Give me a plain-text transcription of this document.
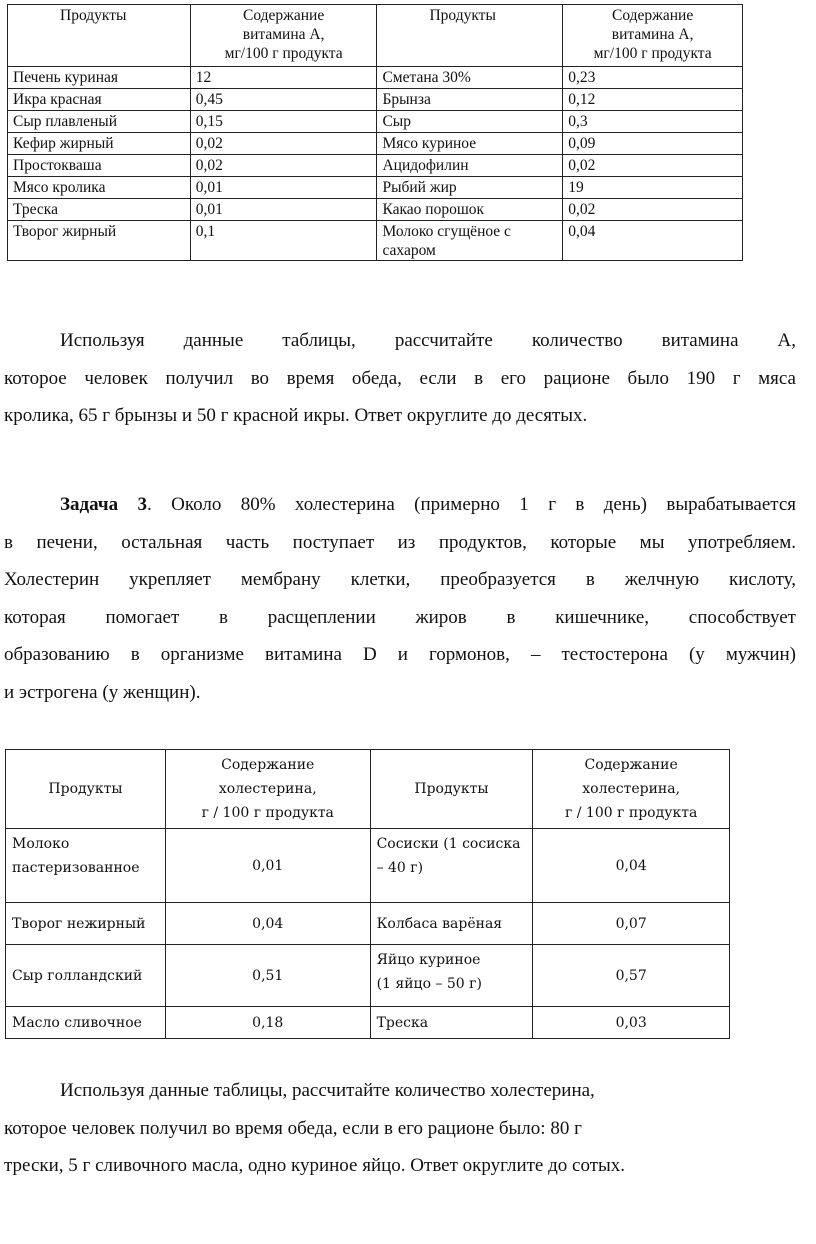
Продукты	Содержание
витамина А,
мг/100 г продукта	Продукты	Содержание
витамина А,
мг/100 г продукта
Печень куриная	12	Сметана 30%	0,23
Икра красная	0,45	Брынза	0,12
Сыр плавленый	0,15	Сыр	0,3
Кефир жирный	0,02	Мясо куриное	0,09
Простокваша	0,02	Ацидофилин	0,02
Мясо кролика	0,01	Рыбий жир	19
Треска	0,01	Какао порошок	0,02
Творог жирный	0,1	Молоко сгущёное с сахаром	0,04
Используя данные таблицы, рассчитайте количество витамина А,
которое человек получил во время обеда, если в его рационе было 190 г мяса
кролика, 65 г брынзы и 50 г красной икры. Ответ округлите до десятых.
Задача 3. Около 80% холестерина (примерно 1 г в день) вырабатывается
в печени, остальная часть поступает из продуктов, которые мы употребляем.
Холестерин укрепляет мембрану клетки, преобразуется в желчную кислоту,
которая помогает в расщеплении жиров в кишечнике, способствует
образованию в организме витамина D и гормонов, – тестостерона (у мужчин)
и эстрогена (у женщин).
Продукты	Содержание
холестерина,
г / 100 г продукта	Продукты	Содержание
холестерина,
г / 100 г продукта
Молоко
пастеризованное	0,01	Сосиски (1 сосиска
– 40 г)	0,04
Творог нежирный	0,04	Колбаса варёная	0,07
Сыр голландский	0,51	Яйцо куриное
(1 яйцо – 50 г)	0,57
Масло сливочное	0,18	Треска	0,03
Используя данные таблицы, рассчитайте количество холестерина,
которое человек получил во время обеда, если в его рационе было: 80 г
трески, 5 г сливочного масла, одно куриное яйцо. Ответ округлите до сотых.
